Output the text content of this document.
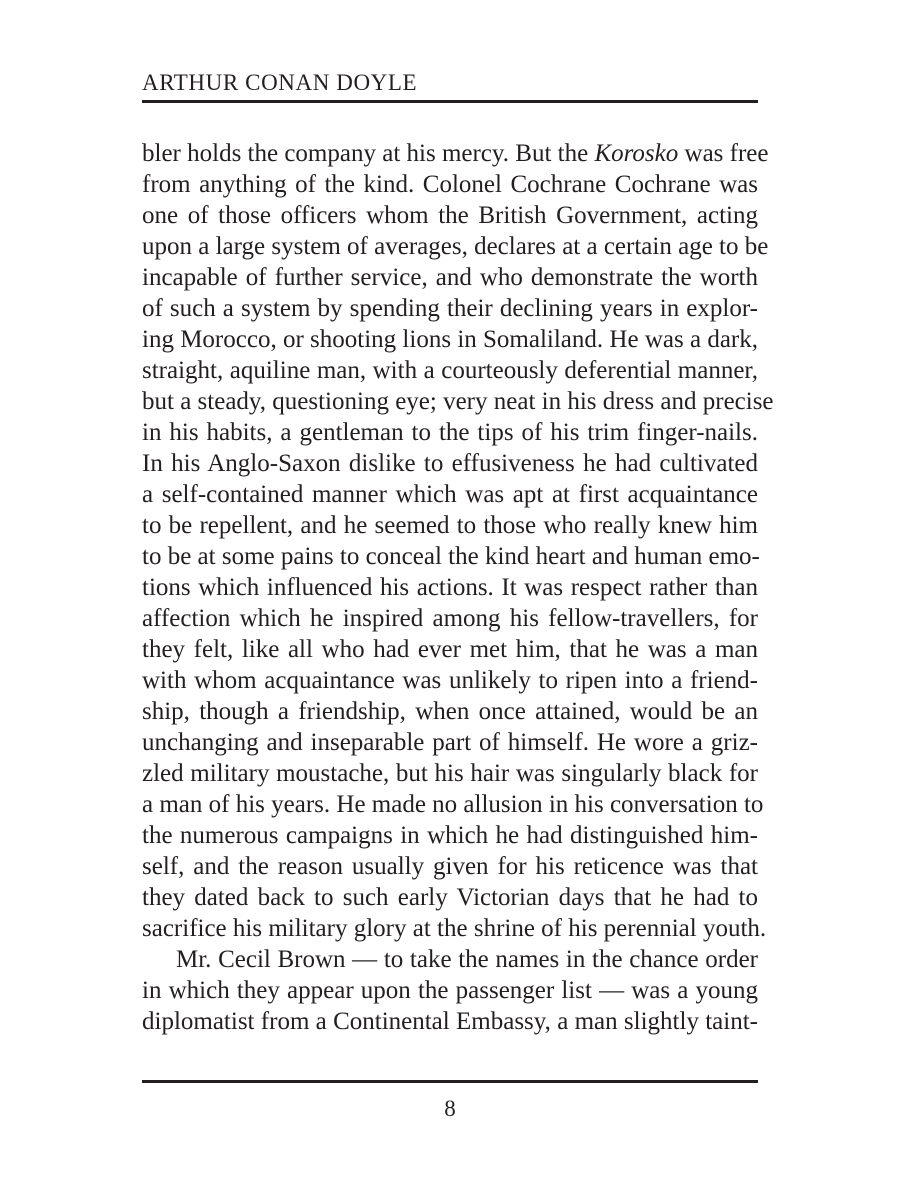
ARTHUR CONAN DOYLE
bler holds the company at his mercy. But the Korosko was free
from anything of the kind. Colonel Cochrane Cochrane was
one of those officers whom the British Government, acting
upon a large system of averages, declares at a certain age to be
incapable of further service, and who demonstrate the worth
of such a system by spending their declining years in explor-
ing Morocco, or shooting lions in Somaliland. He was a dark,
straight, aquiline man, with a courteously deferential manner,
but a steady, questioning eye; very neat in his dress and precise
in his habits, a gentleman to the tips of his trim finger-nails.
In his Anglo-Saxon dislike to effusiveness he had cultivated
a self-contained manner which was apt at first acquaintance
to be repellent, and he seemed to those who really knew him
to be at some pains to conceal the kind heart and human emo-
tions which influenced his actions. It was respect rather than
affection which he inspired among his fellow-travellers, for
they felt, like all who had ever met him, that he was a man
with whom acquaintance was unlikely to ripen into a friend-
ship, though a friendship, when once attained, would be an
unchanging and inseparable part of himself. He wore a griz-
zled military moustache, but his hair was singularly black for
a man of his years. He made no allusion in his conversation to
the numerous campaigns in which he had distinguished him-
self, and the reason usually given for his reticence was that
they dated back to such early Victorian days that he had to
sacrifice his military glory at the shrine of his perennial youth.
Mr. Cecil Brown — to take the names in the chance order
in which they appear upon the passenger list — was a young
diplomatist from a Continental Embassy, a man slightly taint-
8
